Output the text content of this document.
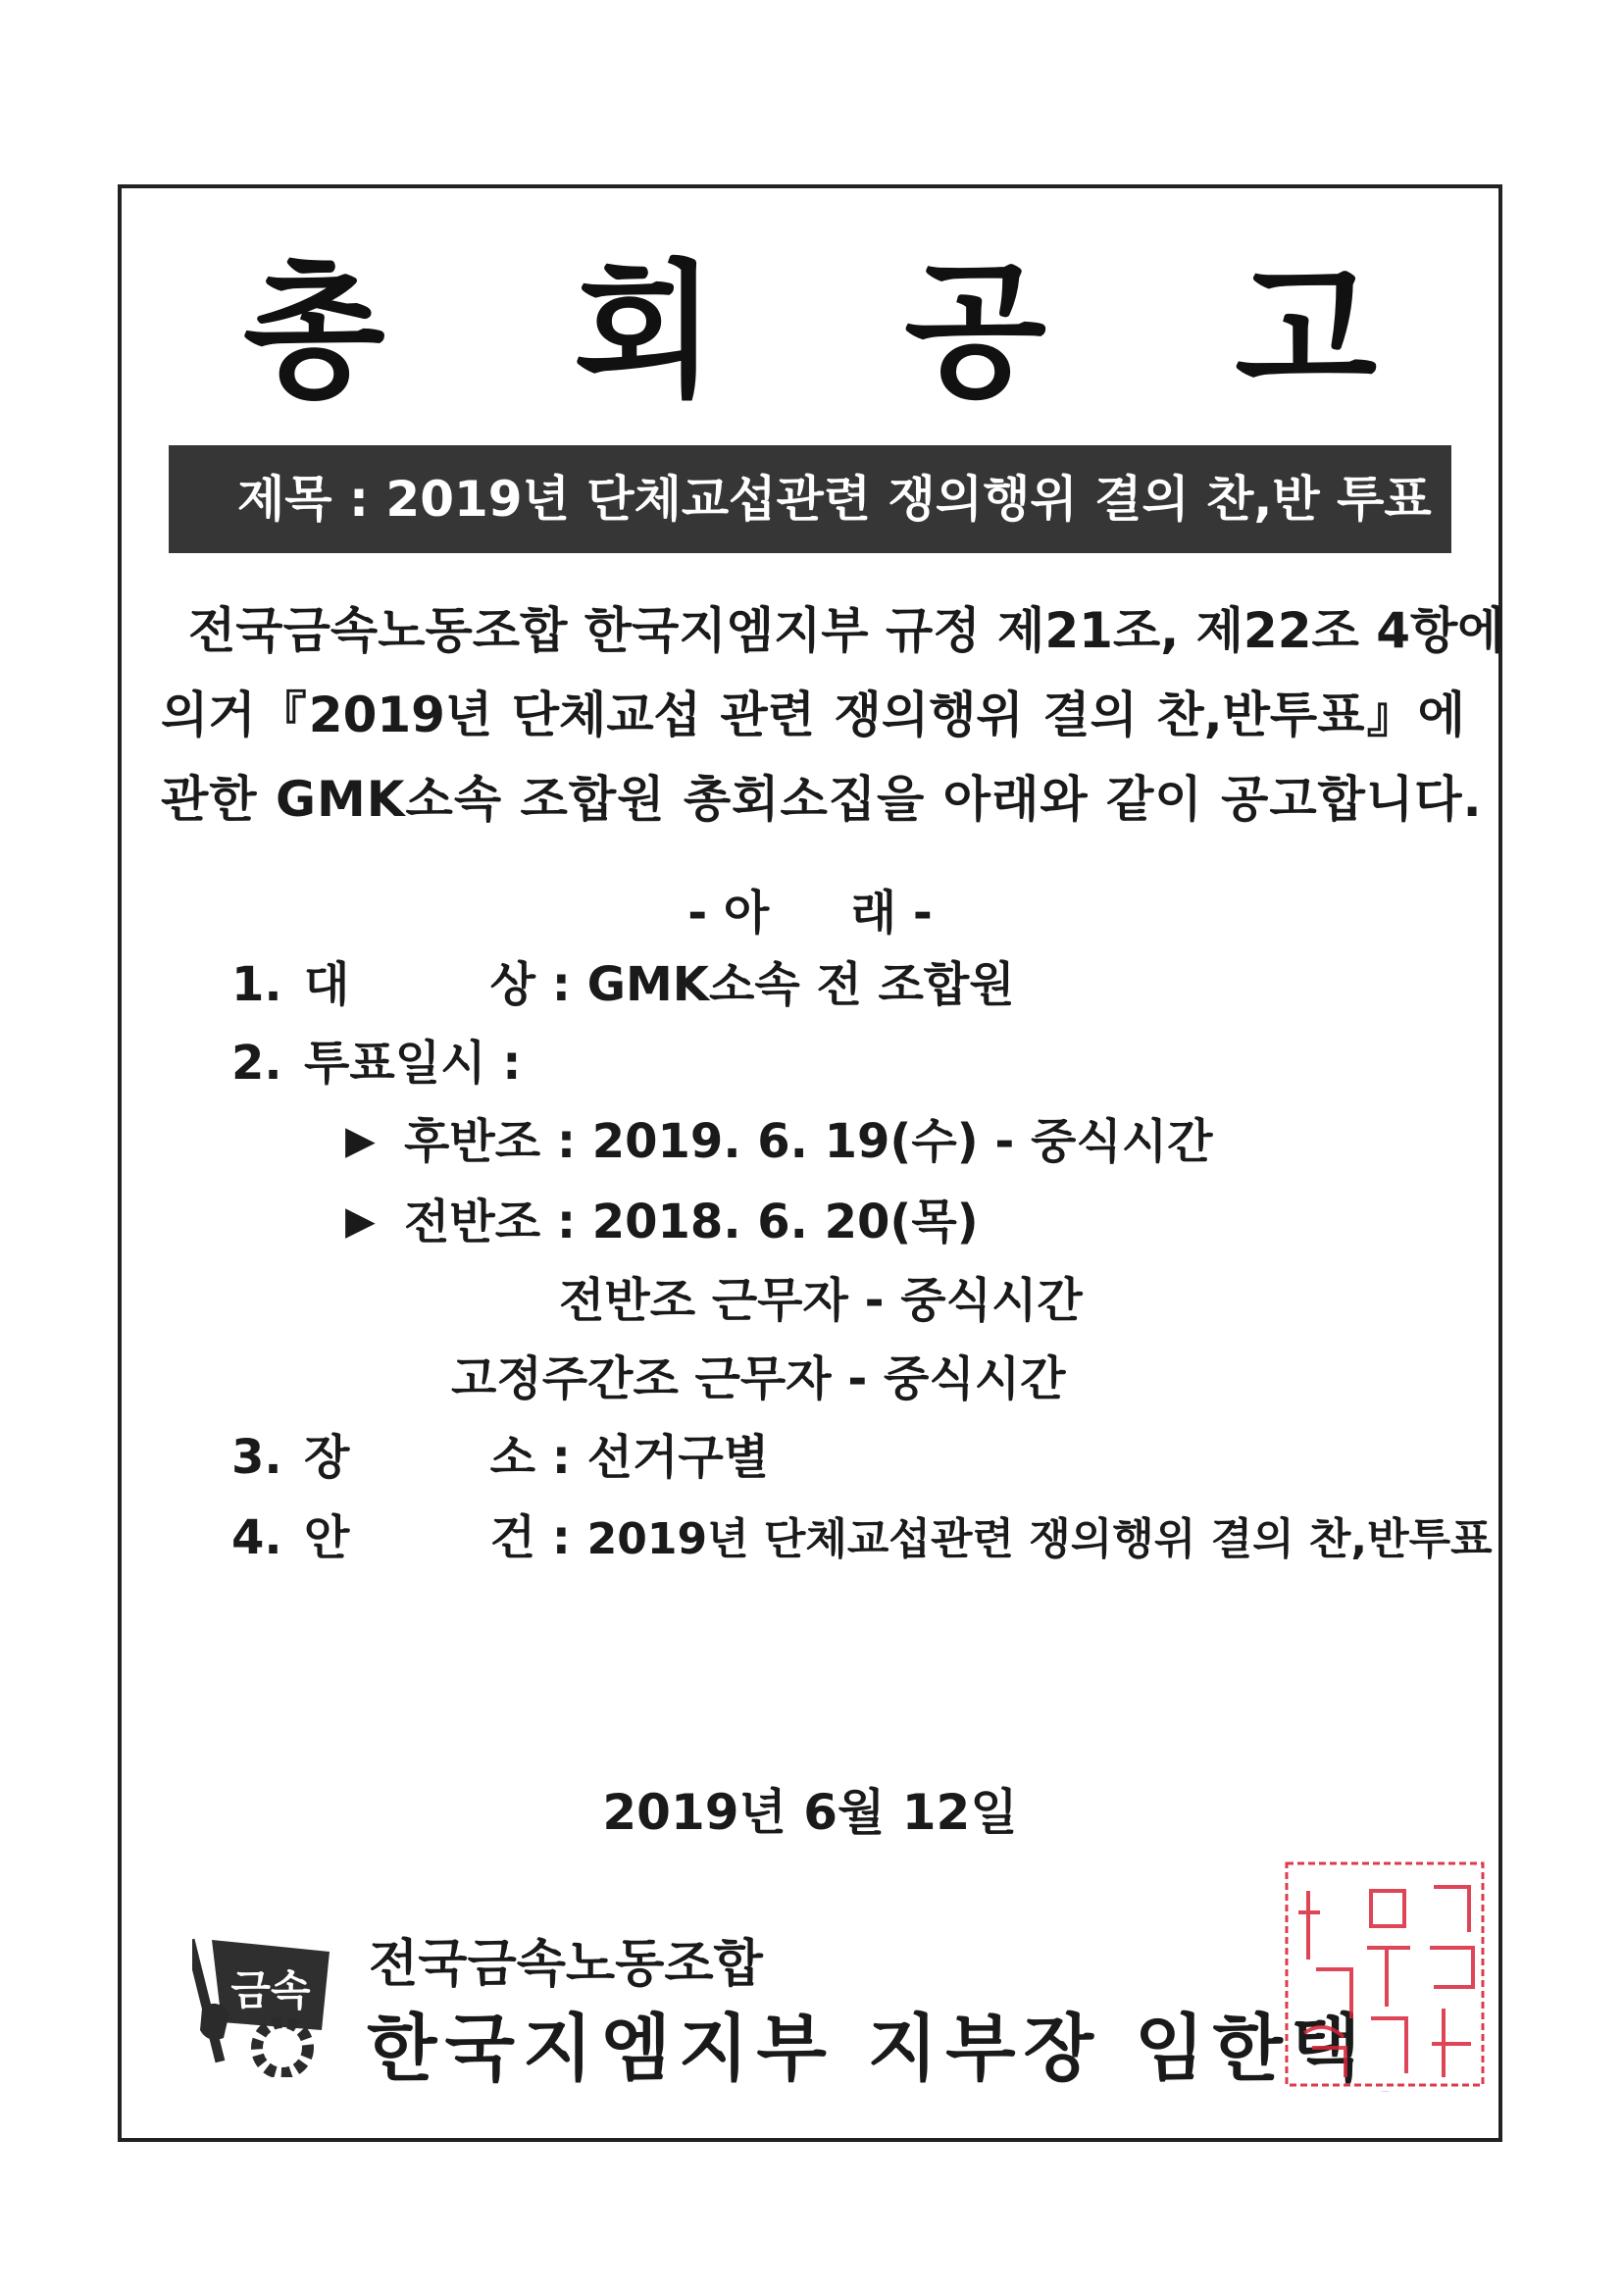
총 회 공 고
제목 : 2019년 단체교섭관련 쟁의행위 결의 찬,반 투표
전국금속노동조합 한국지엠지부 규정 제21조, 제22조 4항에
의거『2019년 단체교섭 관련 쟁의행위 결의 찬,반투표』에
관한 GMK소속 조합원 총회소집을 아래와 같이 공고합니다.
- 아     래 -
1. 대 상 : GMK소속 전 조합원
2. 투표일시 :
▶ 후반조 : 2019. 6. 19(수) - 중식시간
▶ 전반조 : 2018. 6. 20(목)
전반조 근무자 - 중식시간
고정주간조 근무자 - 중식시간
3. 장 소 : 선거구별
4. 안 건 : 2019년 단체교섭관련 쟁의행위 결의 찬,반투표
2019년 6월 12일
금속 전국금속노동조합
한국지엠지부 지부장 임한택
한국지엠지부장인
